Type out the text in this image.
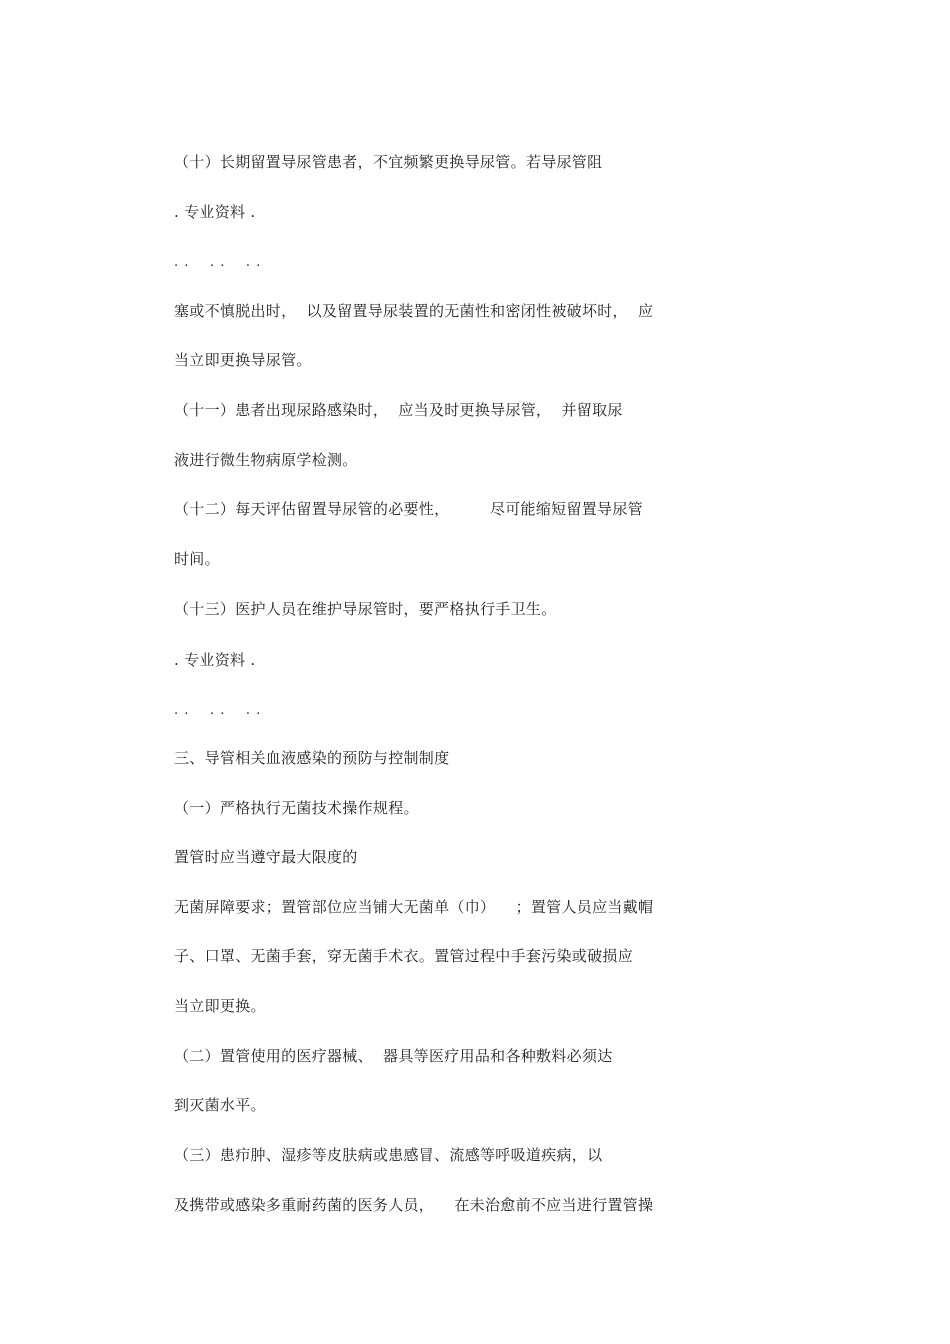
（十）长期留置导尿管患者，不宜频繁更换导尿管。若导尿管阻
. 专业资料 .
. .    . .    . .
塞或不慎脱出时，  以及留置导尿装置的无菌性和密闭性被破坏时，  应
当立即更换导尿管。
（十一）患者出现尿路感染时，  应当及时更换导尿管，  并留取尿
液进行微生物病原学检测。
（十二）每天评估留置导尿管的必要性，        尽可能缩短留置导尿管
时间。
（十三）医护人员在维护导尿管时，要严格执行手卫生。
. 专业资料 .
. .    . .    . .
三、导管相关血液感染的预防与控制制度
（一）严格执行无菌技术操作规程。
置管时应当遵守最大限度的
无菌屏障要求；置管部位应当铺大无菌单（巾）    ；置管人员应当戴帽
子、口罩、无菌手套，穿无菌手术衣。置管过程中手套污染或破损应
当立即更换。
（二）置管使用的医疗器械、  器具等医疗用品和各种敷料必须达
到灭菌水平。
（三）患疖肿、湿疹等皮肤病或患感冒、流感等呼吸道疾病，以
及携带或感染多重耐药菌的医务人员，    在未治愈前不应当进行置管操
